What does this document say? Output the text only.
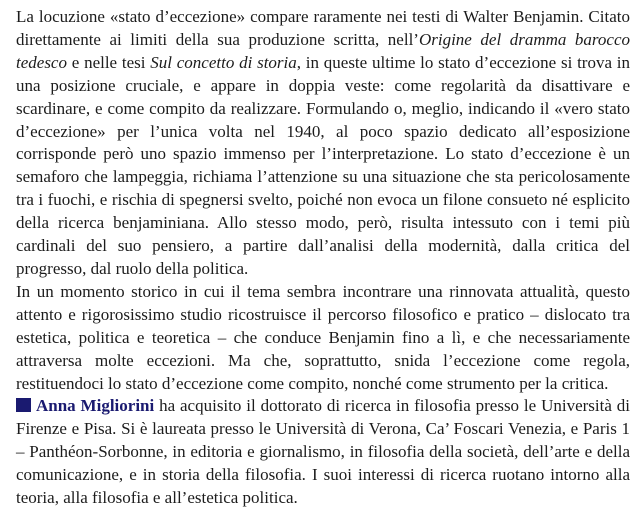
La locuzione «stato d’eccezione» compare raramente nei testi di Walter Benjamin. Citato direttamente ai limiti della sua produzione scritta, nell’Origine del dramma barocco tedesco e nelle tesi Sul concetto di storia, in queste ultime lo stato d’eccezione si trova in una posizione cruciale, e appare in doppia veste: come regolarità da disattivare e scardinare, e come compito da realizzare. Formulando o, meglio, indicando il «vero stato d’eccezione» per l’unica volta nel 1940, al poco spazio dedicato all’esposizione corrisponde però uno spazio immenso per l’interpretazione. Lo stato d’eccezione è un semaforo che lampeggia, richiama l’attenzione su una situazione che sta pericolosamente tra i fuochi, e rischia di spegnersi svelto, poiché non evoca un filone consueto né esplicito della ricerca benjaminiana. Allo stesso modo, però, risulta intessuto con i temi più cardinali del suo pensiero, a partire dall’analisi della modernità, dalla critica del progresso, dal ruolo della politica.

In un momento storico in cui il tema sembra incontrare una rinnovata attualità, questo attento e rigorosissimo studio ricostruisce il percorso filosofico e pratico – dislocato tra estetica, politica e teoretica – che conduce Benjamin fino a lì, e che necessariamente attraversa molte eccezioni. Ma che, soprattutto, snida l’eccezione come regola, restituendoci lo stato d’eccezione come compito, nonché come strumento per la critica.

Anna Migliorini ha acquisito il dottorato di ricerca in filosofia presso le Università di Firenze e Pisa. Si è laureata presso le Università di Verona, Ca’ Foscari Venezia, e Paris 1 – Panthéon-Sorbonne, in editoria e giornalismo, in filosofia della società, dell’arte e della comunicazione, e in storia della filosofia. I suoi interessi di ricerca ruotano intorno alla teoria, alla filosofia e all’estetica politica.
